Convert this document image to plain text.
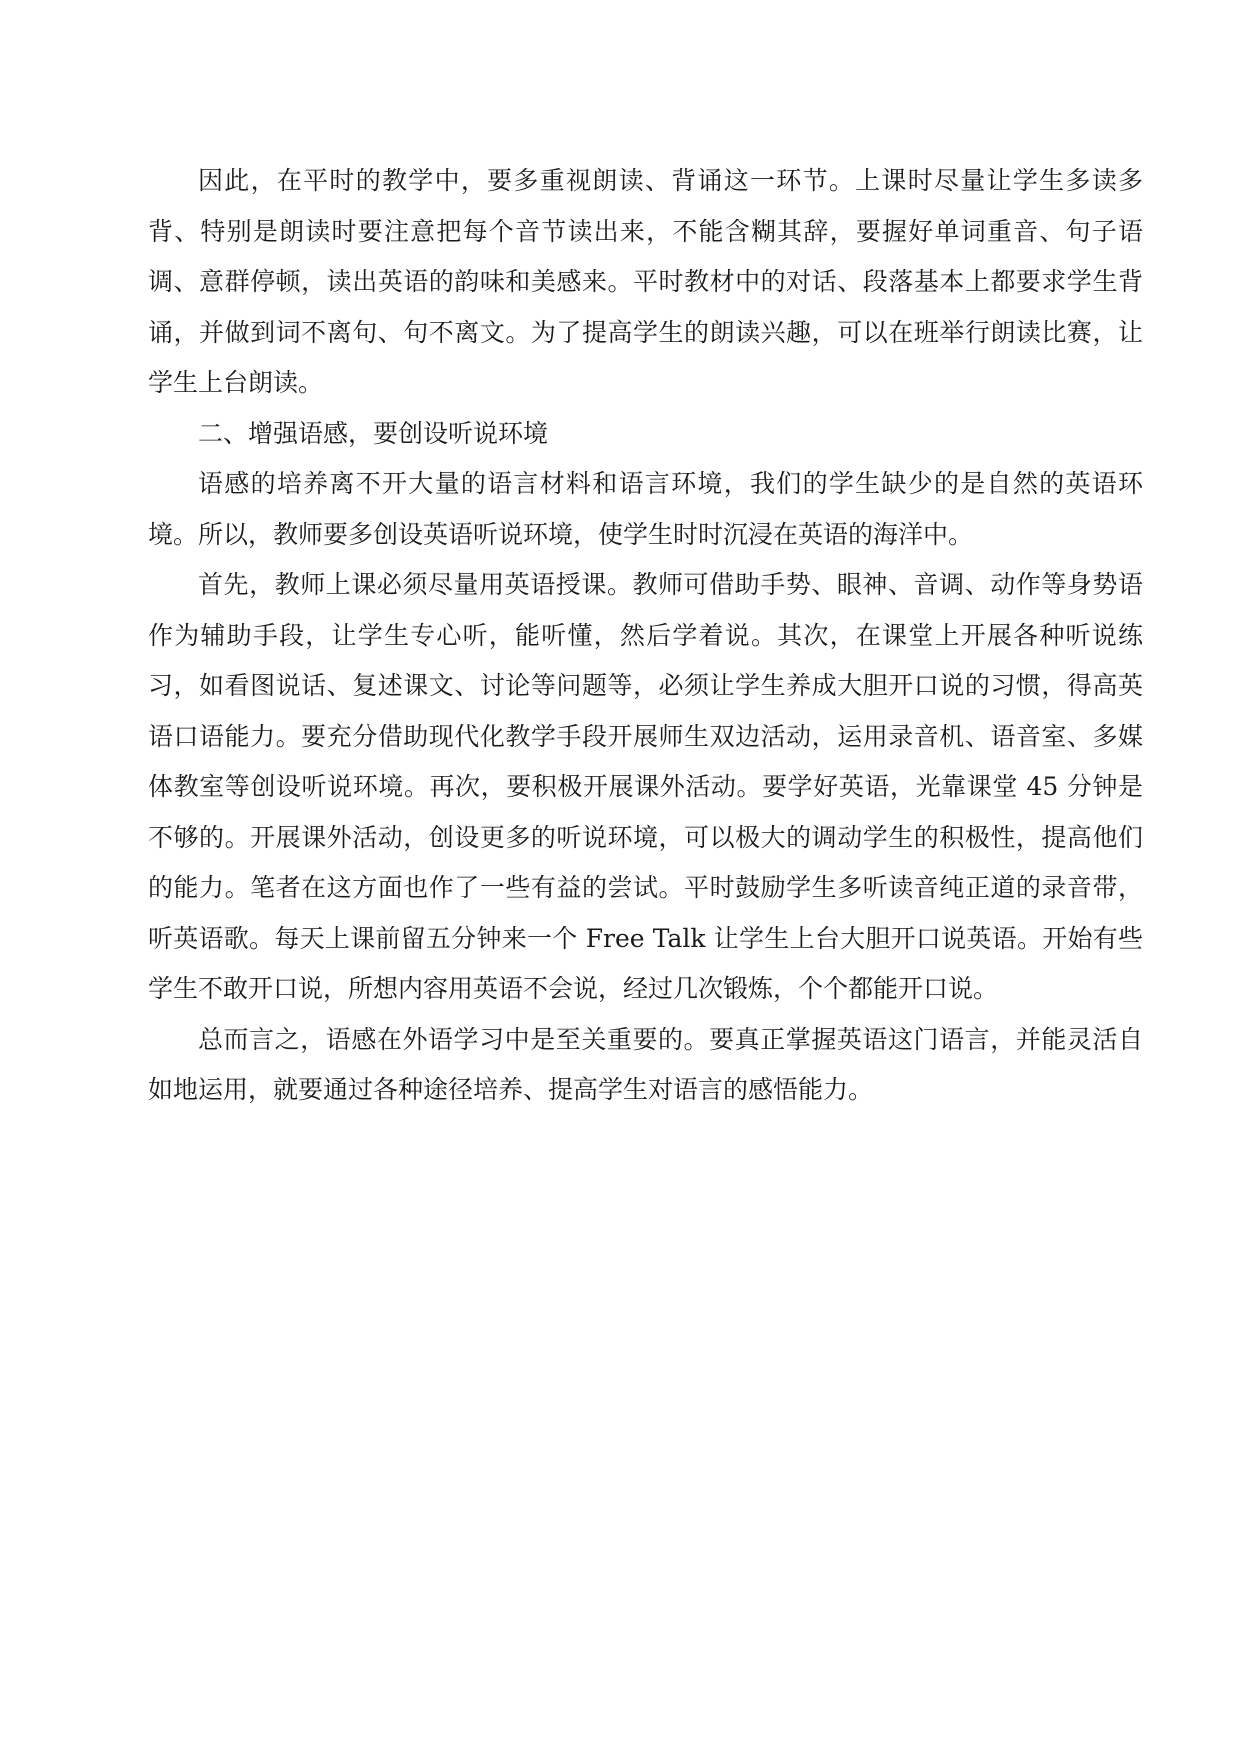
因此，在平时的教学中，要多重视朗读、背诵这一环节。上课时尽量让学生多读多背、特别是朗读时要注意把每个音节读出来，不能含糊其辞，要握好单词重音、句子语调、意群停顿，读出英语的韵味和美感来。平时教材中的对话、段落基本上都要求学生背诵，并做到词不离句、句不离文。为了提高学生的朗读兴趣，可以在班举行朗读比赛，让学生上台朗读。

二、增强语感，要创设听说环境

语感的培养离不开大量的语言材料和语言环境，我们的学生缺少的是自然的英语环境。所以，教师要多创设英语听说环境，使学生时时沉浸在英语的海洋中。

首先，教师上课必须尽量用英语授课。教师可借助手势、眼神、音调、动作等身势语作为辅助手段，让学生专心听，能听懂，然后学着说。其次，在课堂上开展各种听说练习，如看图说话、复述课文、讨论等问题等，必须让学生养成大胆开口说的习惯，得高英语口语能力。要充分借助现代化教学手段开展师生双边活动，运用录音机、语音室、多媒体教室等创设听说环境。再次，要积极开展课外活动。要学好英语，光靠课堂 45 分钟是不够的。开展课外活动，创设更多的听说环境，可以极大的调动学生的积极性，提高他们的能力。笔者在这方面也作了一些有益的尝试。平时鼓励学生多听读音纯正道的录音带，听英语歌。每天上课前留五分钟来一个 Free Talk 让学生上台大胆开口说英语。开始有些学生不敢开口说，所想内容用英语不会说，经过几次锻炼，个个都能开口说。

总而言之，语感在外语学习中是至关重要的。要真正掌握英语这门语言，并能灵活自如地运用，就要通过各种途径培养、提高学生对语言的感悟能力。
